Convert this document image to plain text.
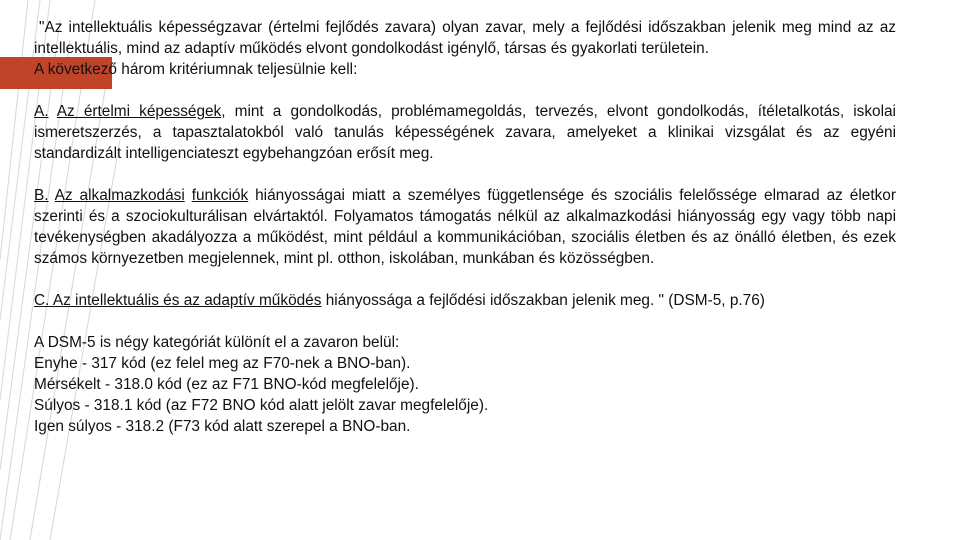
"Az intellektuális képességzavar (értelmi fejlődés zavara) olyan zavar, mely a fejlődési időszakban jelenik meg mind az az intellektuális, mind az adaptív működés elvont gondolkodást igénylő, társas és gyakorlati területein.

A következő három kritériumnak teljesülnie kell:

A. Az értelmi képességek, mint a gondolkodás, problémamegoldás, tervezés, elvont gondolkodás, ítéletalkotás, iskolai ismeretszerzés, a tapasztalatokból való tanulás képességének zavara, amelyeket a klinikai vizsgálat és az egyéni standardizált intelligenciateszt egybehangzóan erősít meg.

B. Az alkalmazkodási funkciók hiányosságai miatt a személyes függetlensége és szociális felelőssége elmarad az életkor szerinti és a szociokulturálisan elvártaktól. Folyamatos támogatás nélkül az alkalmazkodási hiányosság egy vagy több napi tevékenységben akadályozza a működést, mint például a kommunikációban, szociális életben és az önálló életben, és ezek számos környezetben megjelennek, mint pl. otthon, iskolában, munkában és közösségben.

C. Az intellektuális és az adaptív működés hiányossága a fejlődési időszakban jelenik meg. " (DSM-5, p.76)

A DSM-5 is négy kategóriát különít el a zavaron belül:

Enyhe - 317 kód (ez felel meg az F70-nek a BNO-ban).

Mérsékelt - 318.0 kód (ez az F71 BNO-kód megfelelője).

Súlyos - 318.1 kód (az F72 BNO kód alatt jelölt zavar megfelelője).

Igen súlyos - 318.2 (F73 kód alatt szerepel a BNO-ban.
